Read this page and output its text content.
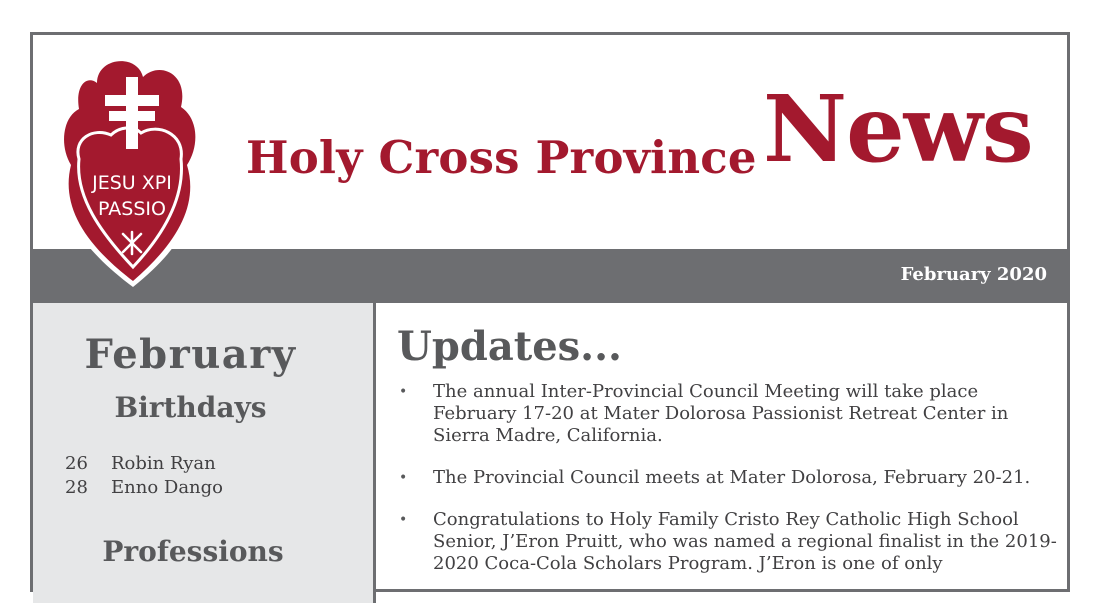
Holy Cross Province News
February 2020
JESU XPI
PASSIO
February
Birthdays
26 Robin Ryan
28 Enno Dango
Professions
Updates...
• The annual Inter-Provincial Council Meeting will take place February 17-20 at Mater Dolorosa Passionist Retreat Center in Sierra Madre, California.
• The Provincial Council meets at Mater Dolorosa, February 20-21.
• Congratulations to Holy Family Cristo Rey Catholic High School Senior, J’Eron Pruitt, who was named a regional finalist in the 2019-2020 Coca-Cola Scholars Program. J’Eron is one of only
